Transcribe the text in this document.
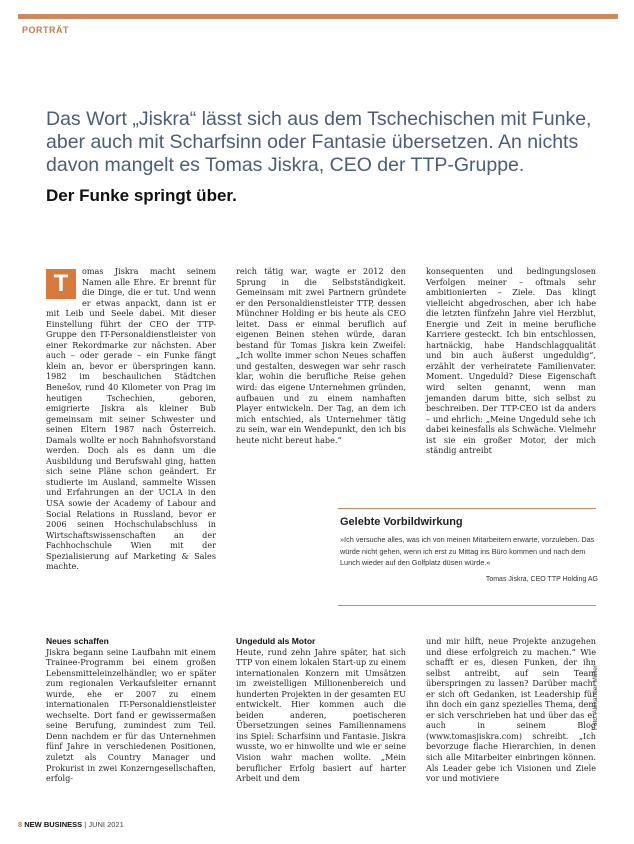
PORTRÄT
Das Wort „Jiskra“ lässt sich aus dem Tschechischen mit Funke, aber auch mit Scharfsinn oder Fantasie übersetzen. An nichts davon mangelt es Tomas Jiskra, CEO der TTP-Gruppe.
Der Funke springt über.
T	omas Jiskra macht seinem Namen alle Ehre. Er brennt für die Dinge, die er tut. Und wenn er etwas anpackt, dann ist er mit Leib und Seele dabei. Mit dieser Einstellung führt der CEO der TTP-Gruppe den IT-Personaldienstleister von einer Rekordmarke zur nächsten. Aber auch – oder gerade – ein Funke fängt klein an, bevor er überspringen kann. 1982 im beschaulichen Städtchen Benešov, rund 40 Kilometer von Prag im heutigen Tschechien, geboren, emigrierte Jiskra als kleiner Bub gemeinsam mit seiner Schwester und seinen Eltern 1987 nach Österreich. Damals wollte er noch Bahnhofsvorstand werden. Doch als es dann um die Ausbildung und Berufswahl ging, hatten sich seine Pläne schon geändert. Er studierte im Ausland, sammelte Wissen und Erfahrungen an der UCLA in den USA sowie der Academy of Labour and Social Relations in Russland, bevor er 2006 seinen Hochschulabschluss in Wirtschaftswissenschaften an der Fachhochschule Wien mit der Spezialisierung auf Marketing & Sales machte.

Neues schaffen

Jiskra begann seine Laufbahn mit einem Trainee-Programm bei einem großen Lebensmitteleinzelhändler, wo er später zum regionalen Verkaufsleiter ernannt wurde, ehe er 2007 zu einem internationalen IT-Personaldienstleister wechselte. Dort fand er gewissermaßen seine Berufung, zumindest zum Teil. Denn nachdem er für das Unternehmen fünf Jahre in verschiedenen Positionen, zuletzt als Country Manager und Prokurist in zwei Konzerngesellschaften, erfolg-

reich tätig war, wagte er 2012 den Sprung in die Selbstständigkeit. Gemeinsam mit zwei Partnern gründete er den Personaldienstleister TTP, dessen Münchner Holding er bis heute als CEO leitet. Dass er einmal beruflich auf eigenen Beinen stehen würde, daran bestand für Tomas Jiskra kein Zweifel: „Ich wollte immer schon Neues schaffen und gestalten, deswegen war sehr rasch klar, wohin die berufliche Reise gehen wird: das eigene Unternehmen gründen, aufbauen und zu einem namhaften Player entwickeln. Der Tag, an dem ich mich entschied, als Unternehmer tätig zu sein, war ein Wendepunkt, den ich bis heute nicht bereut habe.“

Ungeduld als Motor

Heute, rund zehn Jahre später, hat sich TTP von einem lokalen Start-up zu einem internationalen Konzern mit Umsätzen im zweistelligen Millionenbereich und hunderten Projekten in der gesamten EU entwickelt. Hier kommen auch die beiden anderen, poetischeren Übersetzungen seines Familiennamens ins Spiel: Scharfsinn und Fantasie. Jiskra wusste, wo er hinwollte und wie er seine Vision wahr machen wollte. „Mein beruflicher Erfolg basiert auf harter Arbeit und dem

konsequenten und bedingungslosen Verfolgen meiner – oftmals sehr ambitionierten – Ziele. Das klingt vielleicht abgedroschen, aber ich habe die letzten fünfzehn Jahre viel Herzblut, Energie und Zeit in meine berufliche Karriere gesteckt. Ich bin entschlossen, hartnäckig, habe Handschlagqualität und bin auch äußerst ungeduldig“, erzählt der verheiratete Familienvater. Moment. Ungeduld? Diese Eigenschaft wird selten genannt, wenn man jemanden darum bitte, sich selbst zu beschreiben. Der TTP-CEO ist da anders – und ehrlich: „Meine Ungeduld sehe ich dabei keinesfalls als Schwäche. Vielmehr ist sie ein großer Motor, der mich ständig antreibt

und mir hilft, neue Projekte anzugehen und diese erfolgreich zu machen.“ Wie schafft er es, diesen Funken, der ihn selbst antreibt, auf sein Team überspringen zu lassen? Darüber macht er sich oft Gedanken, ist Leadership für ihn doch ein ganz spezielles Thema, dem er sich verschrieben hat und über das er auch in seinem Blog (www.tomasjiskra.com) schreibt. „Ich bevorzuge flache Hierarchien, in denen sich alle Mitarbeiter einbringen können. Als Leader gebe ich Visionen und Ziele vor und motiviere

Gelebte Vorbildwirkung
»Ich versuche alles, was ich von meinen Mitarbeitern erwarte, vorzuleben. Das würde nicht gehen, wenn ich erst zu Mittag ins Büro kommen und nach dem Lunch wieder auf den Golfplatz düsen würde.«
Tomas Jiskra, CEO TTP Holding AG
Foto: Alexander Müller
8 NEW BUSINESS | JUNI 2021
